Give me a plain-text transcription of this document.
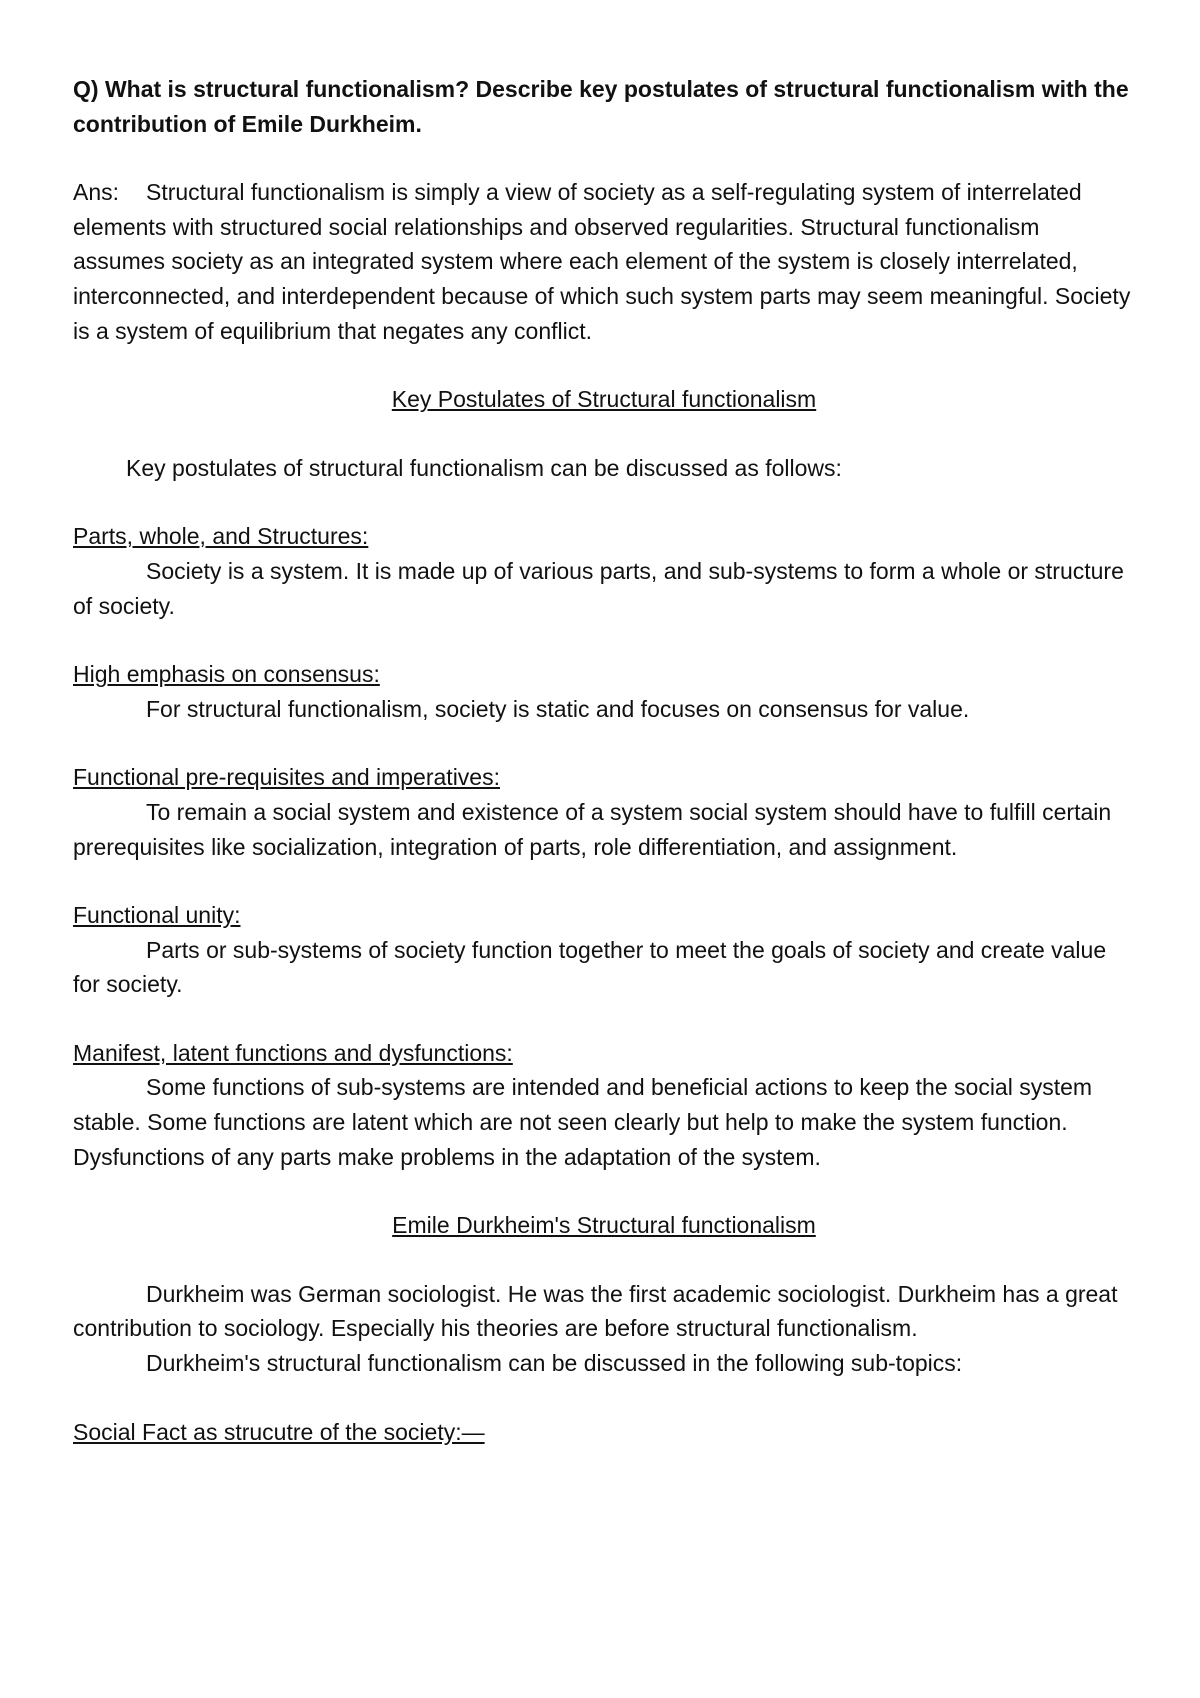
Q) What is structural functionalism? Describe key postulates of structural functionalism with the contribution of Emile Durkheim.

Ans: Structural functionalism is simply a view of society as a self-regulating system of interrelated elements with structured social relationships and observed regularities. Structural functionalism assumes society as an integrated system where each element of the system is closely interrelated, interconnected, and interdependent because of which such system parts may seem meaningful. Society is a system of equilibrium that negates any conflict.

Key Postulates of Structural functionalism

Key postulates of structural functionalism can be discussed as follows:

Parts, whole, and Structures:

Society is a system. It is made up of various parts, and sub-systems to form a whole or structure of society.

High emphasis on consensus:

For structural functionalism, society is static and focuses on consensus for value.

Functional pre-requisites and imperatives:

To remain a social system and existence of a system social system should have to fulfill certain prerequisites like socialization, integration of parts, role differentiation, and assignment.

Functional unity:

Parts or sub-systems of society function together to meet the goals of society and create value for society.

Manifest, latent functions and dysfunctions:

Some functions of sub-systems are intended and beneficial actions to keep the social system stable. Some functions are latent which are not seen clearly but help to make the system function. Dysfunctions of any parts make problems in the adaptation of the system.

Emile Durkheim's Structural functionalism

Durkheim was German sociologist. He was the first academic sociologist. Durkheim has a great contribution to sociology. Especially his theories are before structural functionalism.

Durkheim's structural functionalism can be discussed in the following sub-topics:

Social Fact as strucutre of the society:—
